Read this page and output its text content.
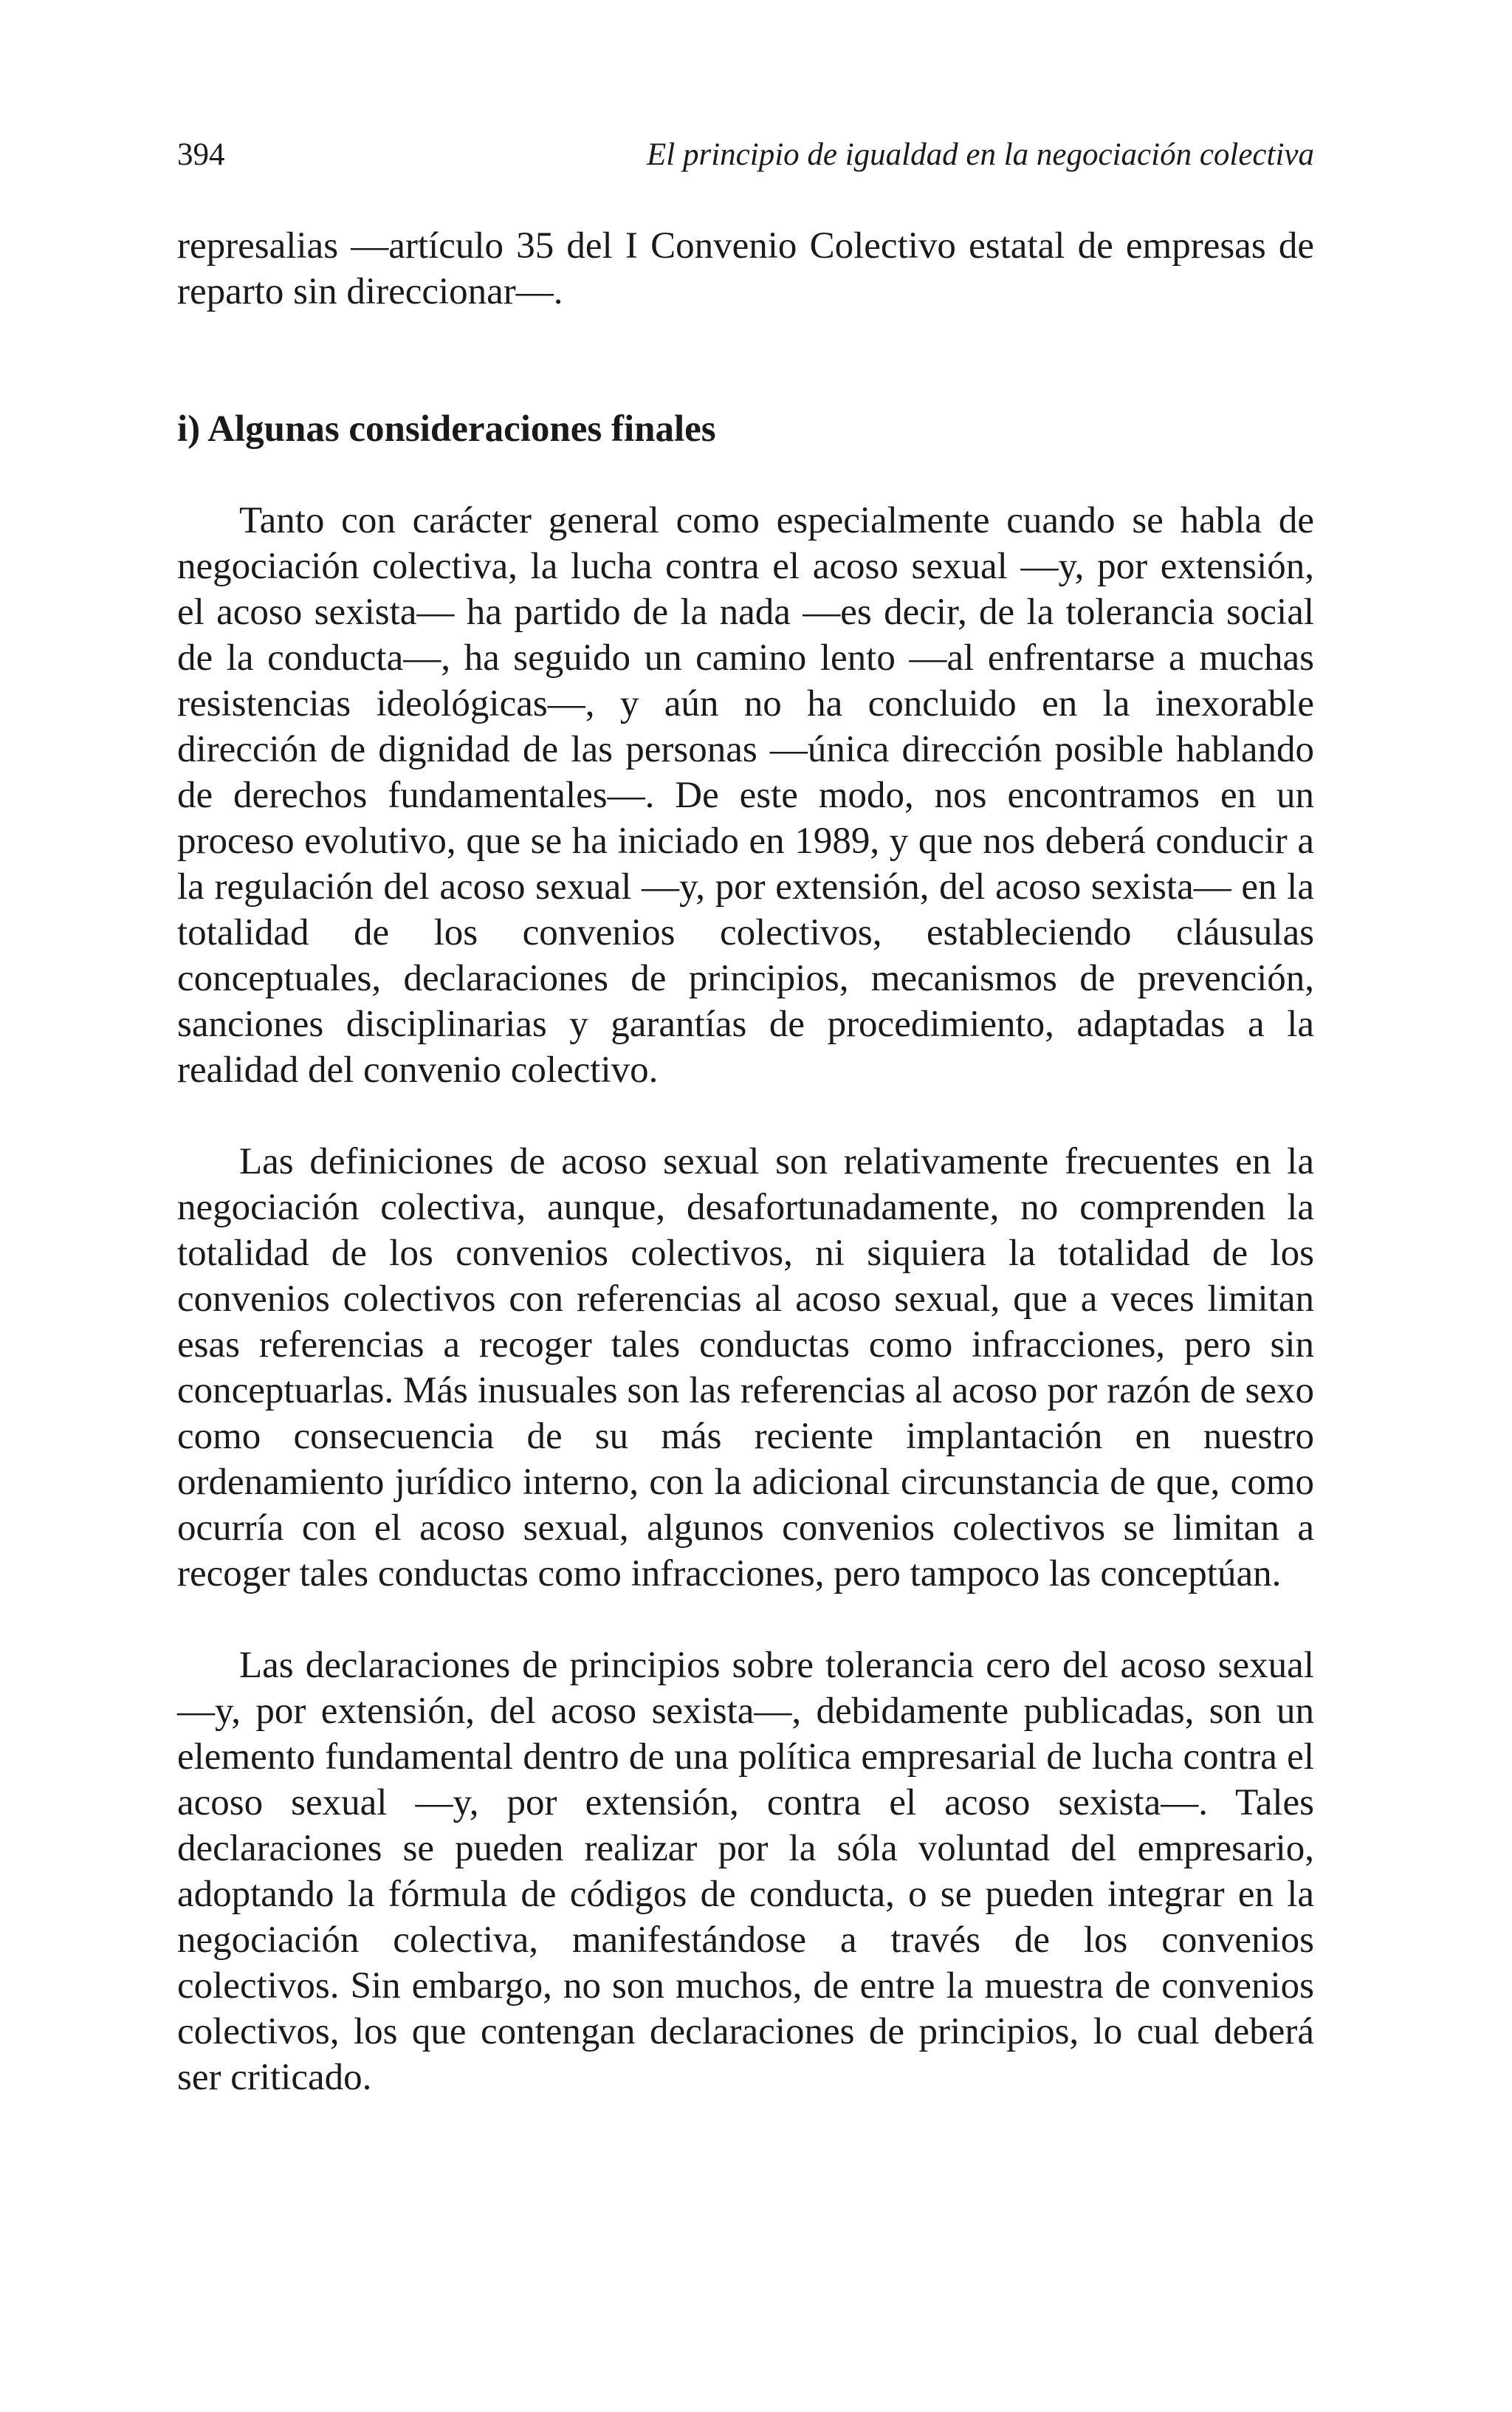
394	El principio de igualdad en la negociación colectiva

represalias —artículo 35 del I Convenio Colectivo estatal de empresas de reparto sin direccionar—.

i) Algunas consideraciones finales

Tanto con carácter general como especialmente cuando se habla de negociación colectiva, la lucha contra el acoso sexual —y, por extensión, el acoso sexista— ha partido de la nada —es decir, de la tolerancia social de la conducta—, ha seguido un camino lento —al enfrentarse a muchas resistencias ideológicas—, y aún no ha concluido en la inexorable dirección de dignidad de las personas —única dirección posible hablando de derechos fundamentales—. De este modo, nos encontramos en un proceso evolutivo, que se ha iniciado en 1989, y que nos deberá conducir a la regulación del acoso sexual —y, por extensión, del acoso sexista— en la totalidad de los convenios colectivos, estableciendo cláusulas conceptuales, declaraciones de principios, mecanismos de prevención, sanciones disciplinarias y garantías de procedimiento, adaptadas a la realidad del convenio colectivo.

Las definiciones de acoso sexual son relativamente frecuentes en la negociación colectiva, aunque, desafortunadamente, no comprenden la totalidad de los convenios colectivos, ni siquiera la totalidad de los convenios colectivos con referencias al acoso sexual, que a veces limitan esas referencias a recoger tales conductas como infracciones, pero sin conceptuarlas. Más inusuales son las referencias al acoso por razón de sexo como consecuencia de su más reciente implantación en nuestro ordenamiento jurídico interno, con la adicional circunstancia de que, como ocurría con el acoso sexual, algunos convenios colectivos se limitan a recoger tales conductas como infracciones, pero tampoco las conceptúan.

Las declaraciones de principios sobre tolerancia cero del acoso sexual —y, por extensión, del acoso sexista—, debidamente publicadas, son un elemento fundamental dentro de una política empresarial de lucha contra el acoso sexual —y, por extensión, contra el acoso sexista—. Tales declaraciones se pueden realizar por la sóla voluntad del empresario, adoptando la fórmula de códigos de conducta, o se pueden integrar en la negociación colectiva, manifestándose a través de los convenios colectivos. Sin embargo, no son muchos, de entre la muestra de convenios colectivos, los que contengan declaraciones de principios, lo cual deberá ser criticado.
